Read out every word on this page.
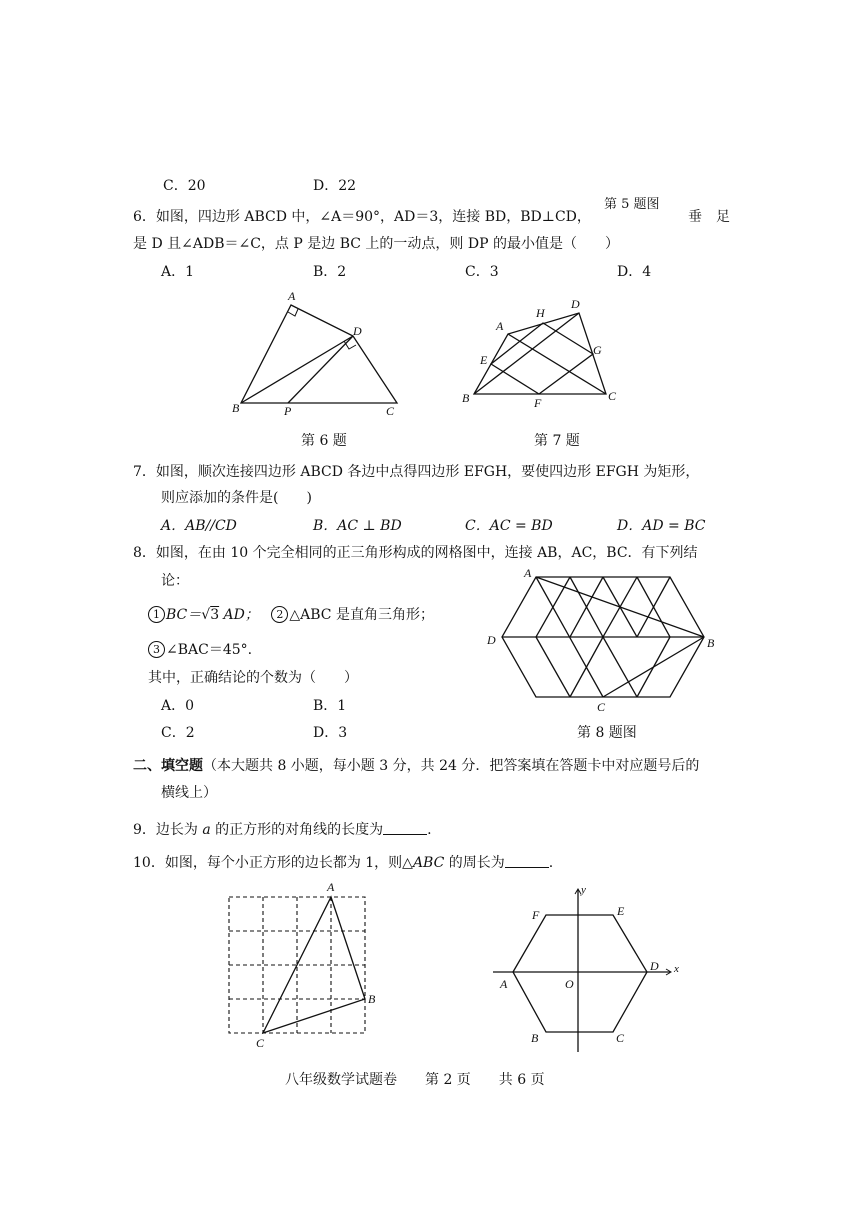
C．20	D．22
第 5 题图
6．如图，四边形 ABCD 中，∠A＝90°，AD＝3，连接 BD，BD⊥CD，	垂　足
是 D 且∠ADB＝∠C，点 P 是边 BC 上的一动点，则 DP 的最小值是（　　）
A．1	B．2	C．3	D．4
A
D
B	P	C
第 6 题
A
H
D
E
G
B	F	C
第 7 题
7．如图，顺次连接四边形 ABCD 各边中点得四边形 EFGH，要使四边形 EFGH 为矩形，
则应添加的条件是(　　)
A．AB//CD	B．AC ⊥ BD	C．AC = BD	D．AD = BC
8．如图，在由 10 个完全相同的正三角形构成的网格图中，连接 AB，AC，BC．有下列结
论：
1 BC＝√3 AD； 2 △ABC 是直角三角形；
3 ∠BAC＝45°.
其中，正确结论的个数为（　　）
A．0	B．1
C．2	D．3
A
D	B
C
第 8 题图
二、填空题（本大题共 8 小题，每小题 3 分，共 24 分．把答案填在答题卡中对应题号后的
横线上）
9．边长为 a 的正方形的对角线的长度为	.
10．如图，每个小正方形的边长都为 1，则△ABC 的周长为	.
A
B
C
y
F	E
D x
A	O
B	C
八年级数学试题卷　　第 2 页　　共 6 页
